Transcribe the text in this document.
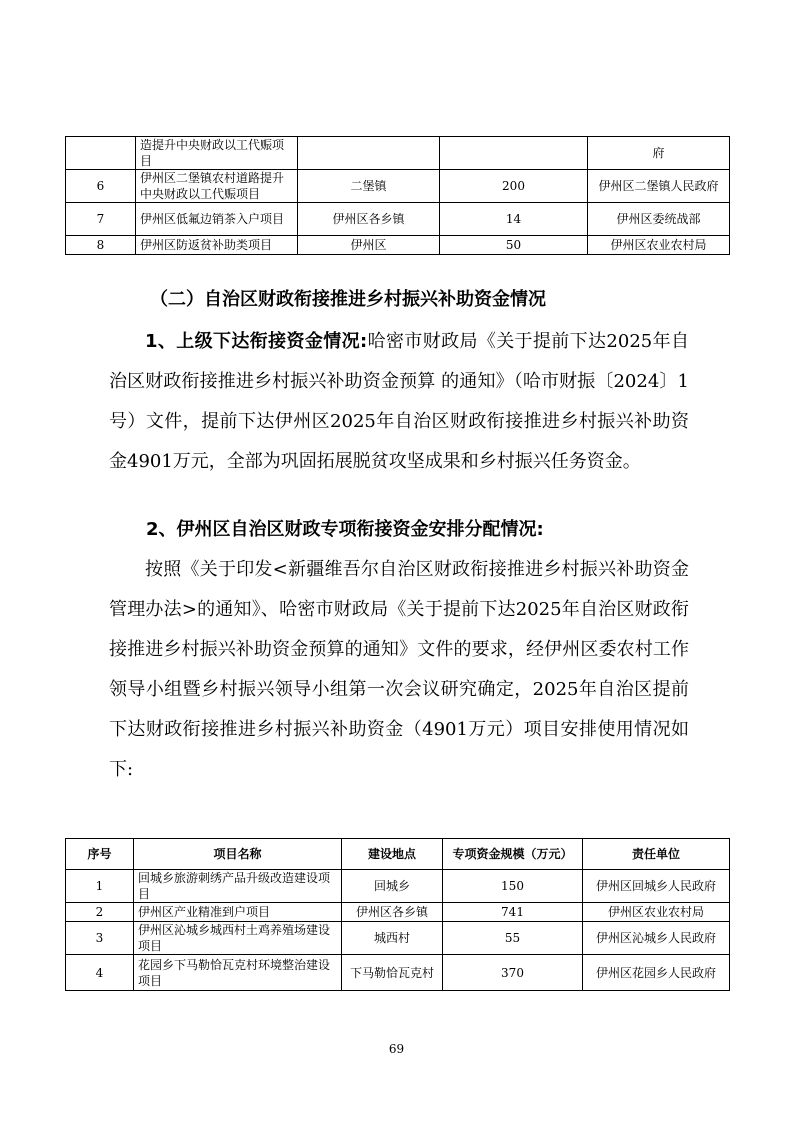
	造提升中央财政以工代赈项目			府
6	伊州区二堡镇农村道路提升中央财政以工代赈项目	二堡镇	200	伊州区二堡镇人民政府
7	伊州区低氟边销茶入户项目	伊州区各乡镇	14	伊州区委统战部
8	伊州区防返贫补助类项目	伊州区	50	伊州区农业农村局
（二）自治区财政衔接推进乡村振兴补助资金情况

1、上级下达衔接资金情况:哈密市财政局《关于提前下达2025年自治区财政衔接推进乡村振兴补助资金预算 的通知》（哈市财振〔2024〕1号）文件，提前下达伊州区2025年自治区财政衔接推进乡村振兴补助资金4901万元，全部为巩固拓展脱贫攻坚成果和乡村振兴任务资金。

2、伊州区自治区财政专项衔接资金安排分配情况:

按照《关于印发<新疆维吾尔自治区财政衔接推进乡村振兴补助资金管理办法>的通知》、哈密市财政局《关于提前下达2025年自治区财政衔接推进乡村振兴补助资金预算的通知》文件的要求，经伊州区委农村工作领导小组暨乡村振兴领导小组第一次会议研究确定，2025年自治区提前下达财政衔接推进乡村振兴补助资金（4901万元）项目安排使用情况如下:

序号	项目名称	建设地点	专项资金规模（万元）	责任单位
1	回城乡旅游刺绣产品升级改造建设项目	回城乡	150	伊州区回城乡人民政府
2	伊州区产业精准到户项目	伊州区各乡镇	741	伊州区农业农村局
3	伊州区沁城乡城西村土鸡养殖场建设项目	城西村	55	伊州区沁城乡人民政府
4	花园乡下马勒恰瓦克村环境整治建设项目	下马勒恰瓦克村	370	伊州区花园乡人民政府
69
